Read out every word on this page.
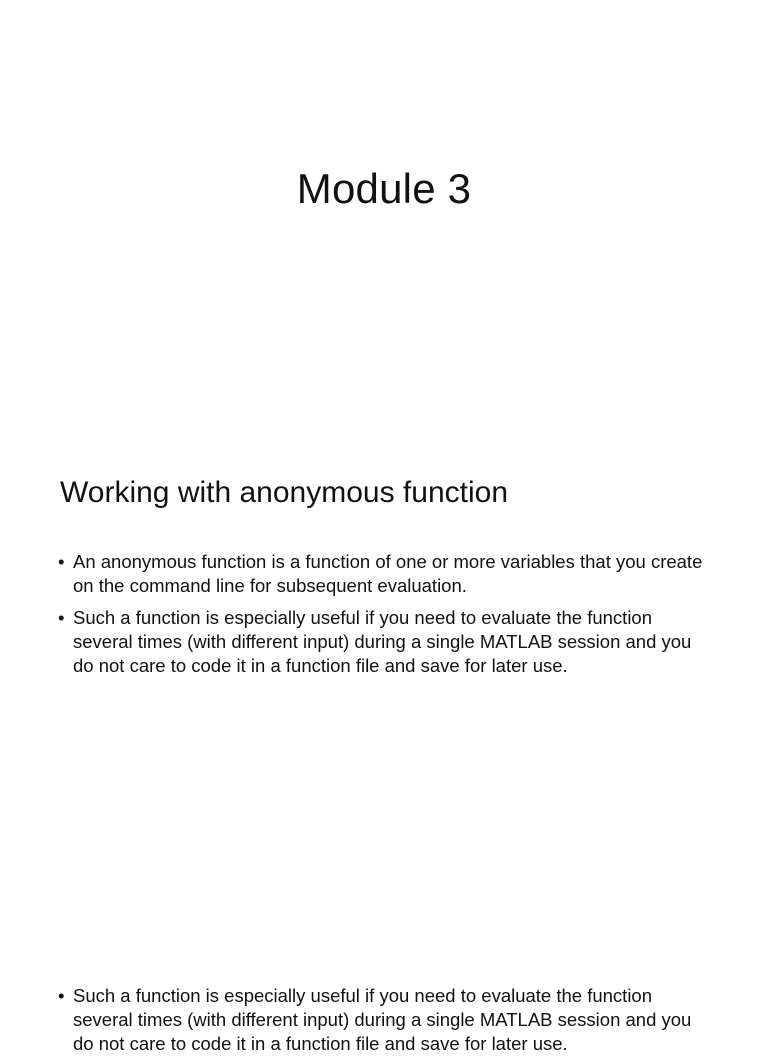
Module 3
Working with anonymous function
• An anonymous function is a function of one or more variables that you create on the command line for subsequent evaluation.
• Such a function is especially useful if you need to evaluate the function several times (with different input) during a single MATLAB session and you do not care to code it in a function file and save for later use.
• Such a function is especially useful if you need to evaluate the function several times (with different input) during a single MATLAB session and you do not care to code it in a function file and save for later use.
